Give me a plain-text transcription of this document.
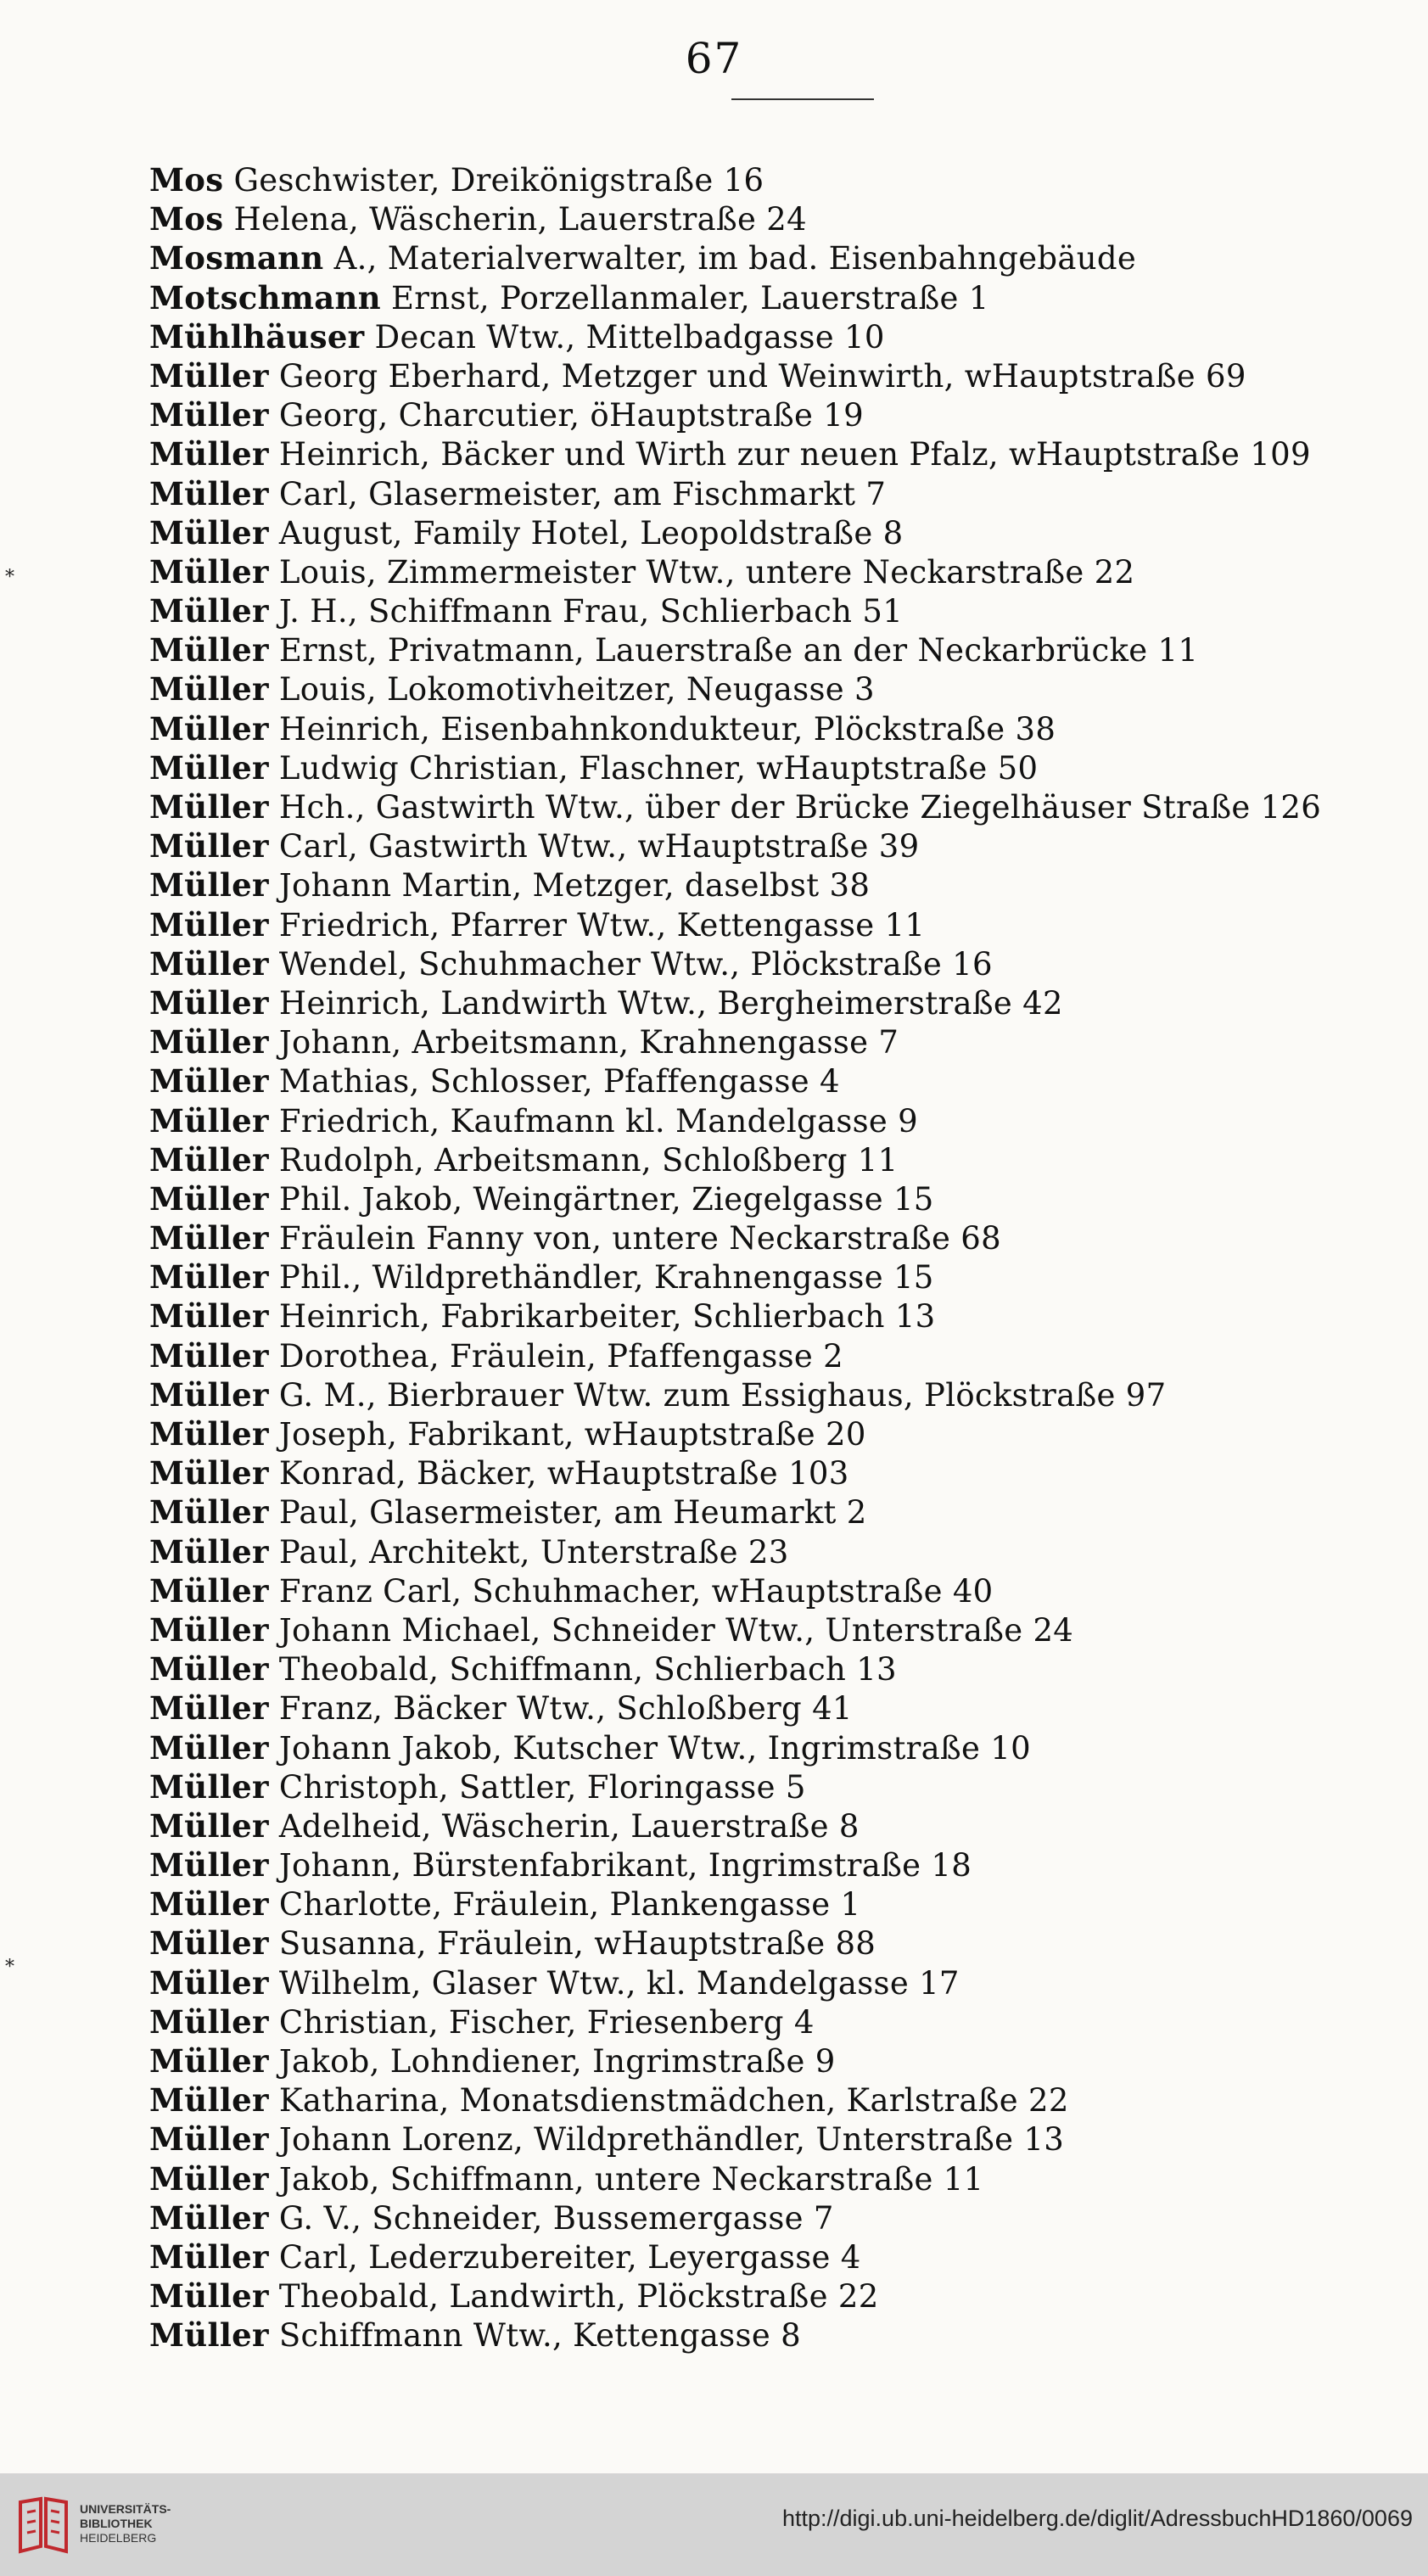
67
*
*
Mos Geschwister, Dreikönigstraße 16
Mos Helena, Wäscherin, Lauerstraße 24
Mosmann A., Materialverwalter, im bad. Eisenbahngebäude
Motschmann Ernst, Porzellanmaler, Lauerstraße 1
Mühlhäuser Decan Wtw., Mittelbadgasse 10
Müller Georg Eberhard, Metzger und Weinwirth, wHauptstraße 69
Müller Georg, Charcutier, öHauptstraße 19
Müller Heinrich, Bäcker und Wirth zur neuen Pfalz, wHauptstraße 109
Müller Carl, Glasermeister, am Fischmarkt 7
Müller August, Family Hotel, Leopoldstraße 8
Müller Louis, Zimmermeister Wtw., untere Neckarstraße 22
Müller J. H., Schiffmann Frau, Schlierbach 51
Müller Ernst, Privatmann, Lauerstraße an der Neckarbrücke 11
Müller Louis, Lokomotivheitzer, Neugasse 3
Müller Heinrich, Eisenbahnkondukteur, Plöckstraße 38
Müller Ludwig Christian, Flaschner, wHauptstraße 50
Müller Hch., Gastwirth Wtw., über der Brücke Ziegelhäuser Straße 126
Müller Carl, Gastwirth Wtw., wHauptstraße 39
Müller Johann Martin, Metzger, daselbst 38
Müller Friedrich, Pfarrer Wtw., Kettengasse 11
Müller Wendel, Schuhmacher Wtw., Plöckstraße 16
Müller Heinrich, Landwirth Wtw., Bergheimerstraße 42
Müller Johann, Arbeitsmann, Krahnengasse 7
Müller Mathias, Schlosser, Pfaffengasse 4
Müller Friedrich, Kaufmann kl. Mandelgasse 9
Müller Rudolph, Arbeitsmann, Schloßberg 11
Müller Phil. Jakob, Weingärtner, Ziegelgasse 15
Müller Fräulein Fanny von, untere Neckarstraße 68
Müller Phil., Wildprethändler, Krahnengasse 15
Müller Heinrich, Fabrikarbeiter, Schlierbach 13
Müller Dorothea, Fräulein, Pfaffengasse 2
Müller G. M., Bierbrauer Wtw. zum Essighaus, Plöckstraße 97
Müller Joseph, Fabrikant, wHauptstraße 20
Müller Konrad, Bäcker, wHauptstraße 103
Müller Paul, Glasermeister, am Heumarkt 2
Müller Paul, Architekt, Unterstraße 23
Müller Franz Carl, Schuhmacher, wHauptstraße 40
Müller Johann Michael, Schneider Wtw., Unterstraße 24
Müller Theobald, Schiffmann, Schlierbach 13
Müller Franz, Bäcker Wtw., Schloßberg 41
Müller Johann Jakob, Kutscher Wtw., Ingrimstraße 10
Müller Christoph, Sattler, Floringasse 5
Müller Adelheid, Wäscherin, Lauerstraße 8
Müller Johann, Bürstenfabrikant, Ingrimstraße 18
Müller Charlotte, Fräulein, Plankengasse 1
Müller Susanna, Fräulein, wHauptstraße 88
Müller Wilhelm, Glaser Wtw., kl. Mandelgasse 17
Müller Christian, Fischer, Friesenberg 4
Müller Jakob, Lohndiener, Ingrimstraße 9
Müller Katharina, Monatsdienstmädchen, Karlstraße 22
Müller Johann Lorenz, Wildprethändler, Unterstraße 13
Müller Jakob, Schiffmann, untere Neckarstraße 11
Müller G. V., Schneider, Bussemergasse 7
Müller Carl, Lederzubereiter, Leyergasse 4
Müller Theobald, Landwirth, Plöckstraße 22
Müller Schiffmann Wtw., Kettengasse 8
UNIVERSITÄTS-
BIBLIOTHEK
HEIDELBERG
http://digi.ub.uni-heidelberg.de/diglit/AdressbuchHD1860/0069
